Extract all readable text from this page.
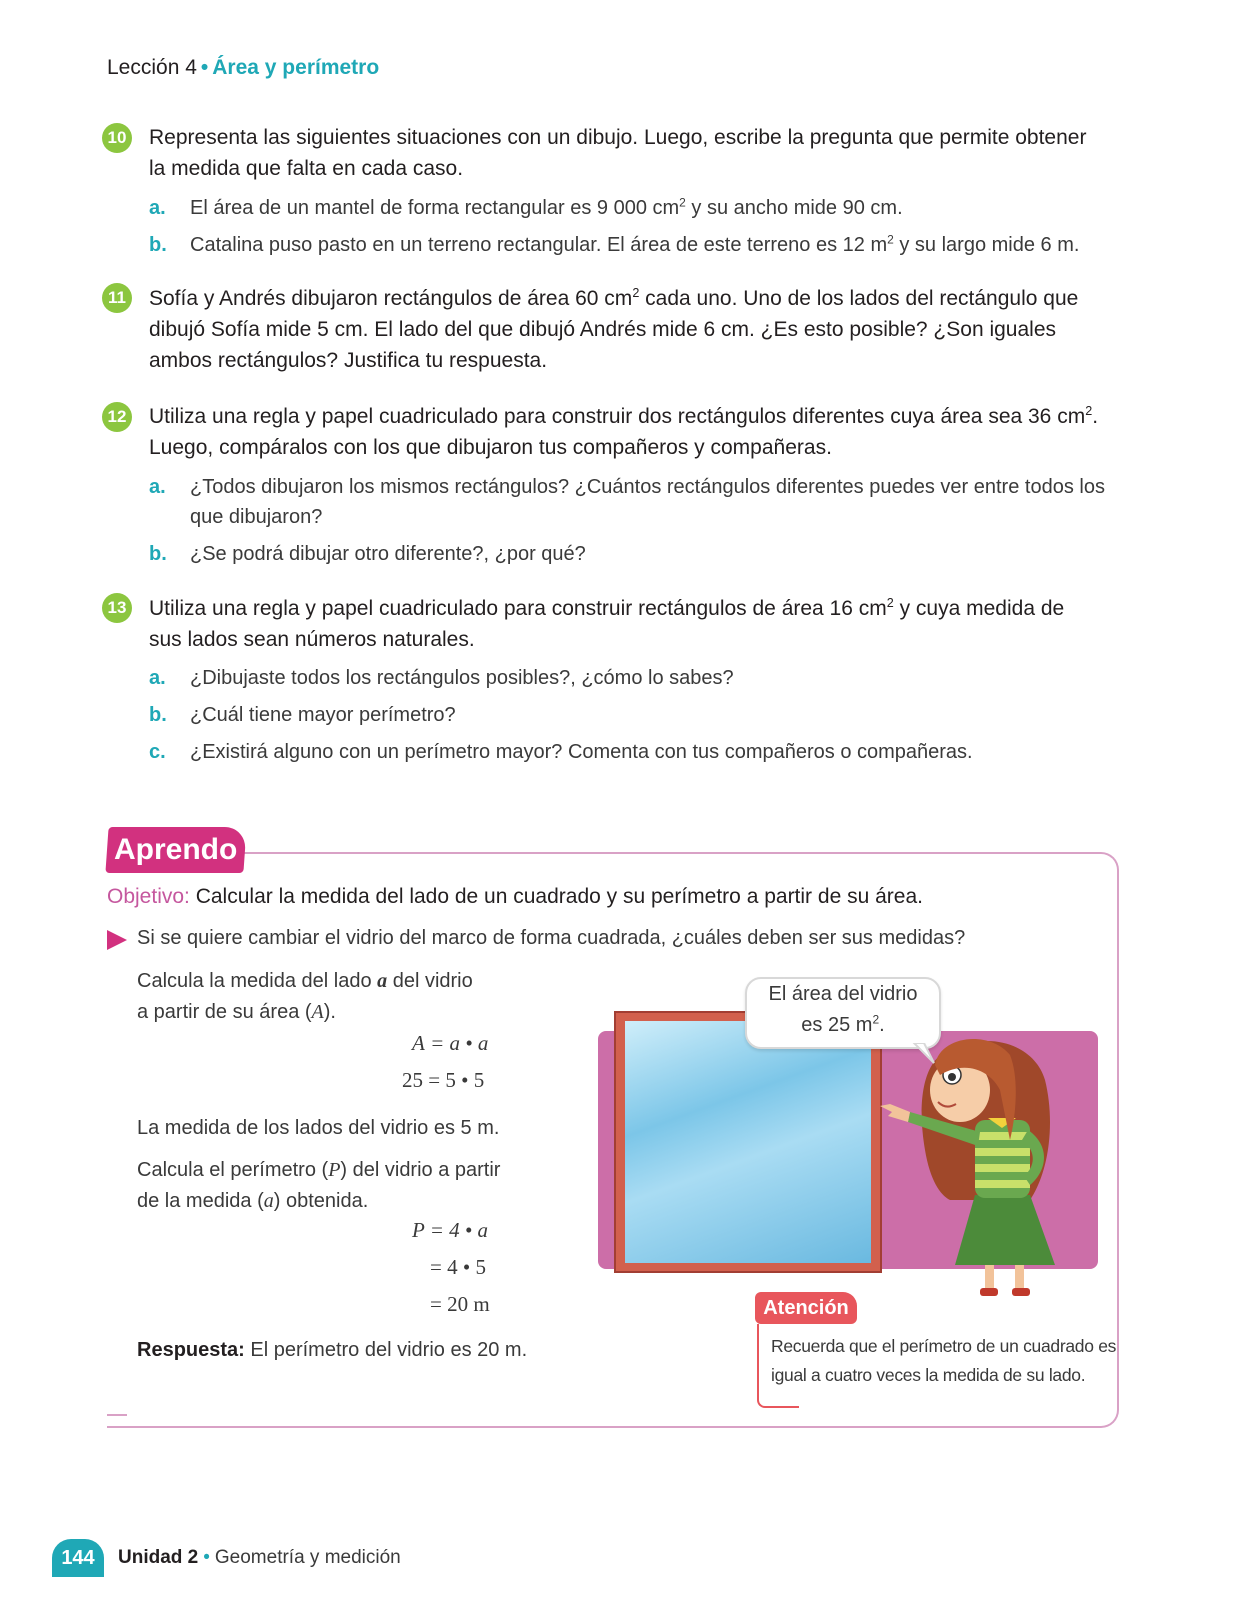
Lección 4 • Área y perímetro
10 Representa las siguientes situaciones con un dibujo. Luego, escribe la pregunta que permite obtener
la medida que falta en cada caso.
a. El área de un mantel de forma rectangular es 9 000 $cm^2$ y su ancho mide 90 cm.
b. Catalina puso pasto en un terreno rectangular. El área de este terreno es 12 $m^2$ y su largo mide 6 m.
11 Sofía y Andrés dibujaron rectángulos de área 60 $cm^2$ cada uno. Uno de los lados del rectángulo que
dibujó Sofía mide 5 cm. El lado del que dibujó Andrés mide 6 cm. ¿Es esto posible? ¿Son iguales
ambos rectángulos? Justifica tu respuesta.
12 Utiliza una regla y papel cuadriculado para construir dos rectángulos diferentes cuya área sea 36 $cm^2$.
Luego, compáralos con los que dibujaron tus compañeros y compañeras.
a. ¿Todos dibujaron los mismos rectángulos? ¿Cuántos rectángulos diferentes puedes ver entre todos los
que dibujaron?
b. ¿Se podrá dibujar otro diferente?, ¿por qué?
13 Utiliza una regla y papel cuadriculado para construir rectángulos de área 16 $cm^2$ y cuya medida de
sus lados sean números naturales.
a. ¿Dibujaste todos los rectángulos posibles?, ¿cómo lo sabes?
b. ¿Cuál tiene mayor perímetro?
c. ¿Existirá alguno con un perímetro mayor? Comenta con tus compañeros o compañeras.
Aprendo
Objetivo: Calcular la medida del lado de un cuadrado y su perímetro a partir de su área.
Si se quiere cambiar el vidrio del marco de forma cuadrada, ¿cuáles deben ser sus medidas?
Calcula la medida del lado a del vidrio
a partir de su área (A).
A = a • a
25 = 5 • 5
La medida de los lados del vidrio es 5 m.
Calcula el perímetro (P) del vidrio a partir
de la medida (a) obtenida.
P = 4 • a
= 4 • 5
= 20 m
Respuesta: El perímetro del vidrio es 20 m.
El área del vidrio
es 25 $m^2$.
Atención
Recuerda que el perímetro de un cuadrado es
igual a cuatro veces la medida de su lado.
144	Unidad 2 • Geometría y medición
